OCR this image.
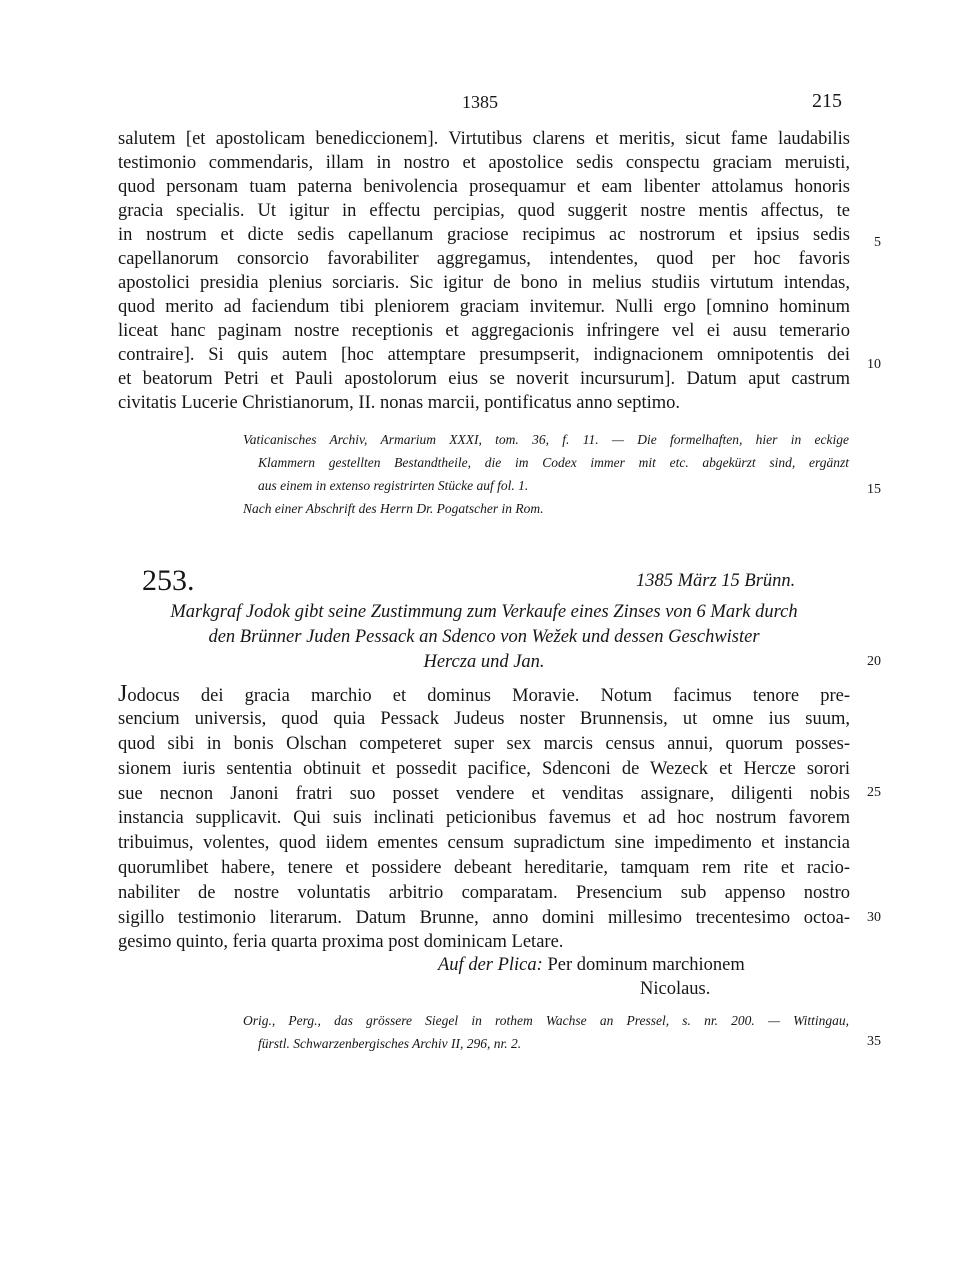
1385	215
salutem [et apostolicam benediccionem]. Virtutibus clarens et meritis, sicut fame laudabilis
testimonio commendaris, illam in nostro et apostolice sedis conspectu graciam meruisti,
quod personam tuam paterna benivolencia prosequamur et eam libenter attolamus honoris
gracia specialis. Ut igitur in effectu percipias, quod suggerit nostre mentis affectus, te
in nostrum et dicte sedis capellanum graciose recipimus ac nostrorum et ipsius sedis
capellanorum consorcio favorabiliter aggregamus, intendentes, quod per hoc favoris
apostolici presidia plenius sorciaris. Sic igitur de bono in melius studiis virtutum intendas,
quod merito ad faciendum tibi pleniorem graciam invitemur. Nulli ergo [omnino hominum
liceat hanc paginam nostre receptionis et aggregacionis infringere vel ei ausu temerario
contraire]. Si quis autem [hoc attemptare presumpserit, indignacionem omnipotentis dei
et beatorum Petri et Pauli apostolorum eius se noverit incursurum]. Datum aput castrum
civitatis Lucerie Christianorum, II. nonas marcii, pontificatus anno septimo.
Vaticanisches Archiv, Armarium XXXI, tom. 36, f. 11. — Die formelhaften, hier in eckige
Klammern gestellten Bestandtheile, die im Codex immer mit etc. abgekürzt sind, ergänzt
aus einem in extenso registrirten Stücke auf fol. 1.
Nach einer Abschrift des Herrn Dr. Pogatscher in Rom.
253.	1385 März 15 Brünn.
Markgraf Jodok gibt seine Zustimmung zum Verkaufe eines Zinses von 6 Mark durch
den Brünner Juden Pessack an Sdenco von Wežek und dessen Geschwister
Hercza und Jan.
Jodocus dei gracia marchio et dominus Moravie. Notum facimus tenore pre-
sencium universis, quod quia Pessack Judeus noster Brunnensis, ut omne ius suum,
quod sibi in bonis Olschan competeret super sex marcis census annui, quorum posses-
sionem iuris sententia obtinuit et possedit pacifice, Sdenconi de Wezeck et Hercze sorori
sue necnon Janoni fratri suo posset vendere et venditas assignare, diligenti nobis
instancia supplicavit. Qui suis inclinati peticionibus favemus et ad hoc nostrum favorem
tribuimus, volentes, quod iidem ementes censum supradictum sine impedimento et instancia
quorumlibet habere, tenere et possidere debeant hereditarie, tamquam rem rite et racio-
nabiliter de nostre voluntatis arbitrio comparatam. Presencium sub appenso nostro
sigillo testimonio literarum. Datum Brunne, anno domini millesimo trecentesimo octoa-
gesimo quinto, feria quarta proxima post dominicam Letare.
Auf der Plica: Per dominum marchionem
Nicolaus.
Orig., Perg., das grössere Siegel in rothem Wachse an Pressel, s. nr. 200. — Wittingau,
fürstl. Schwarzenbergisches Archiv II, 296, nr. 2.
5
10
15
20
25
30
35
